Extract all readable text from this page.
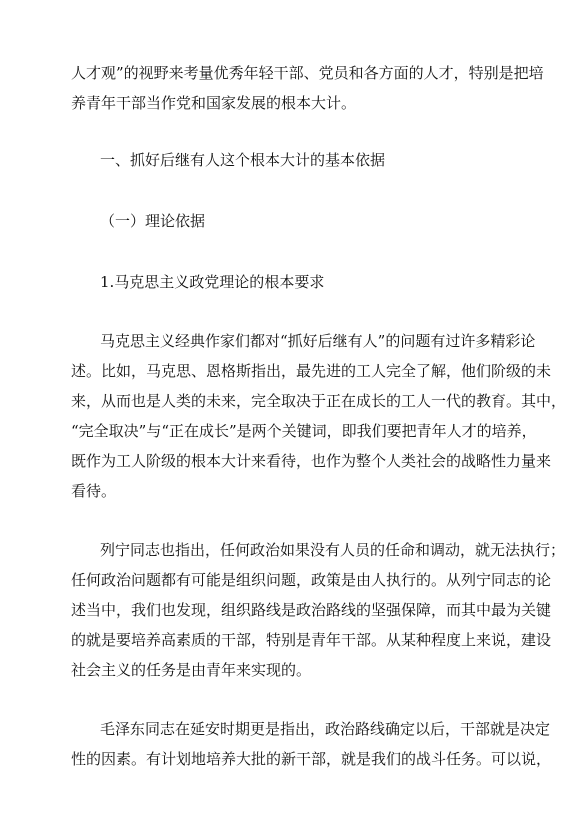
人才观”的视野来考量优秀年轻干部、党员和各方面的人才，特别是把培
养青年干部当作党和国家发展的根本大计。
一、抓好后继有人这个根本大计的基本依据
（一）理论依据
1.马克思主义政党理论的根本要求
马克思主义经典作家们都对“抓好后继有人”的问题有过许多精彩论
述。比如，马克思、恩格斯指出，最先进的工人完全了解，他们阶级的未
来，从而也是人类的未来，完全取决于正在成长的工人一代的教育。其中，
“完全取决”与“正在成长”是两个关键词，即我们要把青年人才的培养，
既作为工人阶级的根本大计来看待，也作为整个人类社会的战略性力量来
看待。
列宁同志也指出，任何政治如果没有人员的任命和调动，就无法执行；
任何政治问题都有可能是组织问题，政策是由人执行的。从列宁同志的论
述当中，我们也发现，组织路线是政治路线的坚强保障，而其中最为关键
的就是要培养高素质的干部，特别是青年干部。从某种程度上来说，建设
社会主义的任务是由青年来实现的。
毛泽东同志在延安时期更是指出，政治路线确定以后，干部就是决定
性的因素。有计划地培养大批的新干部，就是我们的战斗任务。可以说，
